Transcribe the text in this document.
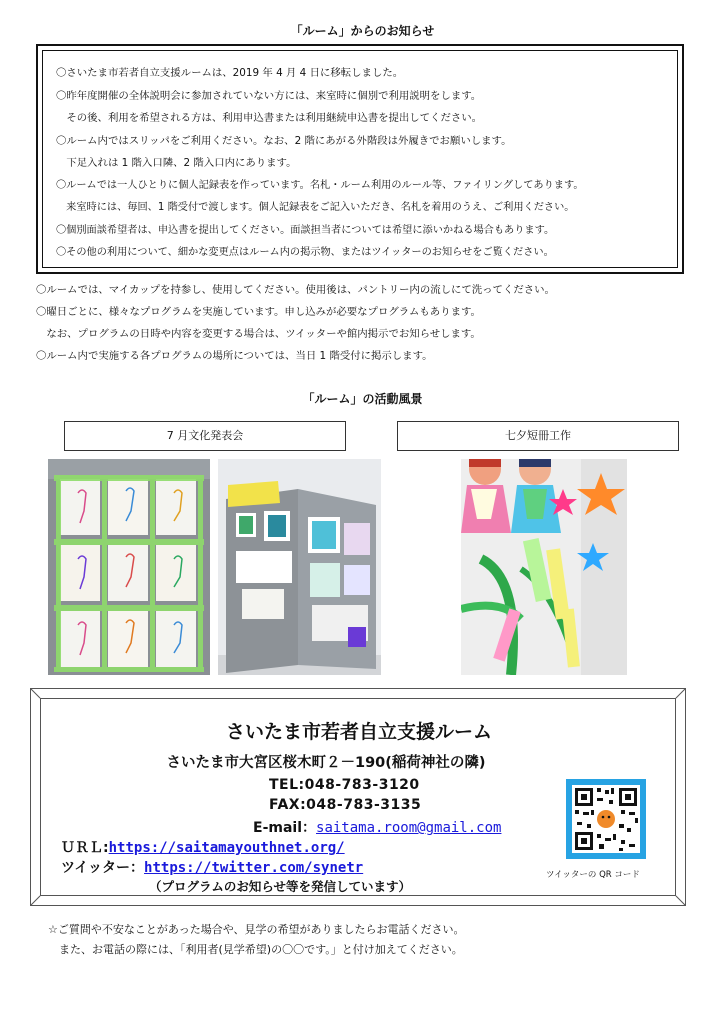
「ルーム」からのお知らせ
〇さいたま市若者自立支援ルームは、2019 年 4 月 4 日に移転しました。
〇昨年度開催の全体説明会に参加されていない方には、来室時に個別で利用説明をします。
　その後、利用を希望される方は、利用申込書または利用継続申込書を提出してください。
〇ルーム内ではスリッパをご利用ください。なお、2 階にあがる外階段は外履きでお願いします。
　下足入れは 1 階入口隣、2 階入口内にあります。
〇ルームでは一人ひとりに個人記録表を作っています。名札・ルーム利用のルール等、ファイリングしてあります。
　来室時には、毎回、1 階受付で渡します。個人記録表をご記入いただき、名札を着用のうえ、ご利用ください。
〇個別面談希望者は、申込書を提出してください。面談担当者については希望に添いかねる場合もあります。
〇その他の利用について、細かな変更点はルーム内の掲示物、またはツイッターのお知らせをご覧ください。
〇ルームでは、マイカップを持参し、使用してください。使用後は、パントリー内の流しにて洗ってください。
〇曜日ごとに、様々なプログラムを実施しています。申し込みが必要なプログラムもあります。
　なお、プログラムの日時や内容を変更する場合は、ツイッターや館内掲示でお知らせします。
〇ルーム内で実施する各プログラムの場所については、当日 1 階受付に掲示します。
「ルーム」の活動風景
7 月文化発表会	七夕短冊工作
さいたま市若者自立支援ルーム
さいたま市大宮区桜木町２－190(稲荷神社の隣)
TEL:048-783-3120
FAX:048-783-3135
E-mail：saitama.room@gmail.com
ＵＲＬ:https://saitamayouthnet.org/
ツイッター：https://twitter.com/synetr
（プログラムのお知らせ等を発信しています）
ツイッターの QR コード
☆ご質問や不安なことがあった場合や、見学の希望がありましたらお電話ください。
　また、お電話の際には、「利用者(見学希望)の〇〇です。」と付け加えてください。
